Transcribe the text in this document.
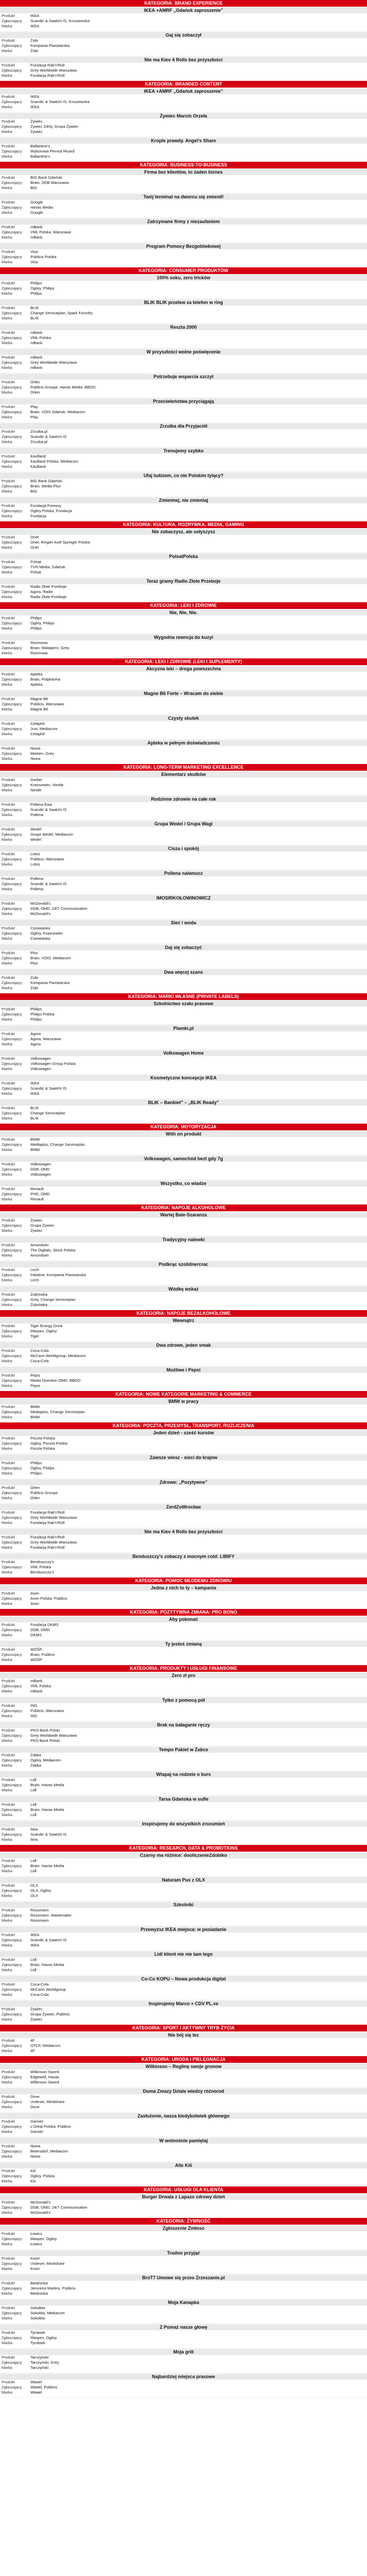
KATEGORIA: BRAND EXPERIENCE
IKEA +AMRF „Gdańsk zaproszenie”
Produkt	IKEA
Zgłaszający	Scandic & Saatchi IS, Kruszewska
Marka	IKEA
Gaj się zobaczył
Produkt	Żubr
Zgłaszający	Kompania Piwowarska
Marka	Żubr
Nie ma Kiev 4 Rolls bez przyszłości
Produkt	Fundacja Rak'n'Roll
Zgłaszający	Grey Worldwide Warszawa
Marka	Fundacja Rak'n'Roll
KATEGORIA: BRANDED CONTENT
IKEA +AMRF „Gdańsk zaproszenie”
Produkt	IKEA
Zgłaszający	Scandic & Saatchi IS, Kruszewska
Marka	IKEA
Żywiec Marcin Orzeła
Produkt	Żywiec
Zgłaszający	Żywiec Zdrój, Grupa Żywiec
Marka	Żywiec
Krople prawdy. Angel's Share
Produkt	Ballantine's
Zgłaszający	Wyborowa Pernod Ricard
Marka	Ballantine's
KATEGORIA: BUSINESS-TO-BUSINESS
Firma bez klientów, to żaden biznes
Produkt	BIG Bank Gdański
Zgłaszający	Brain, DDB Warszawa
Marka	BIG
Twój terminal na dworcu się zmienił!
Produkt	Google
Zgłaszający	Havas Media
Marka	Google
Zatrzymane firmy z niezaufaniem
Produkt	mBank
Zgłaszający	VML Polska, Warszawa
Marka	mBank
Program Pomocy Bezgotówkowej
Produkt	Visa
Zgłaszający	Publicis Polska
Marka	Visa
KATEGORIA: CONSUMER PRODUKTÓW
100% soku, zero tricków
Produkt	Philips
Zgłaszający	Ogilvy, Philips
Marka	Philips
BLIK BLIK przelew za telefon w ring
Produkt	BLIK
Zgłaszający	Change Serviceplan, Spark Foundry
Marka	BLIK
Reszta 2000
Produkt	mBank
Zgłaszający	VML Polska
Marka	mBank
W przyszłości wolne poświęcenie
Produkt	mBank
Zgłaszający	Grey Worldwide Warszawa
Marka	mBank
Potrzebuje wsparcia szczyt
Produkt	Orlen
Zgłaszający	Publicis Groupe, Havas Media, BBDO
Marka	Orlen
Przeciwieństwa przyciągają
Produkt	Play
Zgłaszający	Brain, VOIS Gdańsk, Mediacom
Marka	Play
Zrzutka dla Przyjaciół
Produkt	Zrzutka.pl
Zgłaszający	Scandic & Saatchi IS
Marka	Zrzutka.pl
Trenujemy szybko
Produkt	Kaufland
Zgłaszający	Kaufland Polska, Mediacom
Marka	Kaufland
Ufaj ludziom, co nie Polskim tylący?
Produkt	BIG Bank Gdański
Zgłaszający	Brain, Media Plus
Marka	BIG
Zmiennej, nie zmieniaj
Produkt	Fundacja Pomocy
Zgłaszający	Ogilvy Polska, Fundacja
Marka	Fundacja
KATEGORIA: KULTURA, ROZRYWKA, MEDIA, GAMING
Nie zobaczysz, ale usłyszysz
Produkt	Onet
Zgłaszający	Onet, Ringier Axel Springer Polska
Marka	Onet
PolsatPolska
Produkt	Polsat
Zgłaszający	TVN Media, Gdańsk
Marka	Polsat
Teraz gramy Radio Złote Przeboje
Produkt	Radio Złote Przeboje
Zgłaszający	Agora, Radio
Marka	Radio Złote Przeboje
KATEGORIA: LEKI I ZDROWIE
Nie, Nie, Nie.
Produkt	Philips
Zgłaszający	Ogilvy, Philips
Marka	Philips
Wygodna rewncja do kuzyi
Produkt	Rozmowa
Zgłaszający	Brain, Mataiperz, Grey
Marka	Rozmowa
KATEGORIA: LEKI I ZDROWIE (LEKI I SUPLEMENTY)
Akcyzna leki – droga powszechna
Produkt	Apteka
Zgłaszający	Brain, Polpharma
Marka	Apteka
Magne B6 Forte – Wracam do siebie
Produkt	Magne B6
Zgłaszający	Publicis, Warszawa
Marka	Magne B6
Czysty skutek
Produkt	Cetaphil
Zgłaszający	Just, Mediacom
Marka	Cetaphil
Apteka w pełnym doświadczeniu
Produkt	Nivea
Zgłaszający	Marken, Grey
Marka	Nivea
KATEGORIA: LONG-TERM MARKETING EXCELLENCE
Elementarz skutków
Produkt	Gerber
Zgłaszający	Krasnowiec, Nestle
Marka	Nestle
Rodzinne zdrowie na całe rok
Produkt	Pollena Ewa
Zgłaszający	Scandic & Saatchi IS
Marka	Pollena
Grupa Wedel / Grupa Wagi
Produkt	Wedel
Zgłaszający	Grupa Wedel, Mediacom
Marka	Wedel
Cisza i spokój
Produkt	Lotos
Zgłaszający	Publicis, Warszawa
Marka	Lotos
Pollena naiwnucz
Produkt	Pollena
Zgłaszający	Scandic & Saatchi IS
Marka	Pollena
IMOSIRKOŁOWINOWICZ
Produkt	McDonald's
Zgłaszający	DDB, OMD, 24/7 Communication
Marka	McDonald's
Sieć i woda
Produkt	Cisowianka
Zgłaszający	Ogilvy, Krasnowiec
Marka	Cisowianka
Daj się zobaczyć
Produkt	Plus
Zgłaszający	Brain, VOIS, Mediacom
Marka	Plus
Dwa więcej szans
Produkt	Żubr
Zgłaszający	Kompania Piwowarska
Marka	Żubr
KATEGORIA: MARKI WŁASNE (PRIVATE LABELS)
Szkolnictwo szału prasowe
Produkt	Philips
Zgłaszający	Philips Polska
Marka	Philips
Plamki.pl
Produkt	Agora
Zgłaszający	Agora, Warszawa
Marka	Agora
Volkswagen Home
Produkt	Volkswagen
Zgłaszający	Volkswagen Group Polska
Marka	Volkswagen
Kosmetyczne koncepcje IKEA
Produkt	IKEA
Zgłaszający	Scandic & Saatchi IS
Marka	IKEA
BLIK – Bankiet” – „BLIK Ready”
Produkt	BLIK
Zgłaszający	Change Serviceplan
Marka	BLIK
KATEGORIA: MOTORYZACJA
With on produkt
Produkt	BMW
Zgłaszający	Mediaplus, Change Serviceplan
Marka	BMW
Volkswagen, samochód bezt gdy 7g
Produkt	Volkswagen
Zgłaszający	DDB, OMD
Marka	Volkswagen
Wszystko, co wiadze
Produkt	Renault
Zgłaszający	PHD, OMD
Marka	Renault
KATEGORIA: NAPOJE ALKOHOLOWE
Wartej Bale-Szaranza
Produkt	Żywiec
Zgłaszający	Grupa Żywiec
Marka	Żywiec
Tradycyjny nalewki
Produkt	Amundsen
Zgłaszający	The Digitals, Stock Polska
Marka	Amundsen
Podkrąc szolidnercrac
Produkt	Lech
Zgłaszający	Initiative, Kompania Piwowarska
Marka	Lech
Wódkę wskaż
Produkt	Żubrówka
Zgłaszający	Grey, Change Serviceplan
Marka	Żubrówka
KATEGORIA: NAPOJE BEZALKOHOLOWE
Wewnątrz
Produkt	Tiger Energy Drink
Zgłaszający	Maspex, Ogilvy
Marka	Tiger
Dwa zdrowe, jeden smak
Produkt	Coca-Cola
Zgłaszający	McCann Worldgroup, Mediacom
Marka	Coca-Cola
Możliwe i Pepsi
Produkt	Pepsi
Zgłaszający	Media Direction OMD, BBDO
Marka	Pepsi
KATEGORIA: NOWE KATEGORIE MARKETING & COMMERCE
BMW w pracy
Produkt	BMW
Zgłaszający	Mediaplus, Change Serviceplan
Marka	BMW
KATEGORIA: POCZTA, PRZEMYSŁ, TRANSPORT, ROZLICZENIA
Jeden dzień - sześć kursów
Produkt	Poczta Polska
Zgłaszający	Ogilvy, Poczta Polska
Marka	Poczta Polska
Zawsze wiesz - sieci do krajow
Produkt	Philips
Zgłaszający	Ogilvy, Philips
Marka	Philips
Zdrowe: „Pozytywne”
Produkt	Orlen
Zgłaszający	Publicis Groupe
Marka	Orlen
ZerdZoWrocław
Produkt	Fundacja Rak'n'Roll
Zgłaszający	Grey Worldwide Warszawa
Marka	Fundacja Rak'n'Roll
Nie ma Kiev 4 Rolls bez przyszłości
Produkt	Fundacja Rak'n'Roll
Zgłaszający	Grey Worldwide Warszawa
Marka	Fundacja Rak'n'Roll
Benduszczy’s zobaczy z mocnym cold: LIBIFY
Produkt	Benduszczy's
Zgłaszający	VML Polska
Marka	Benduszczy's
KATEGORIA: POMOC MŁODEMU ZDROWIU
Jedna z nich to ty – kampania
Produkt	Avon
Zgłaszający	Avon Polska, Publicis
Marka	Avon
KATEGORIA: POZYTYWNA ZMIANA: PRO BONO
Aby pokonać
Produkt	Fundacja DKMS
Zgłaszający	DDB, OMD
Marka	DKMS
Ty jesteś zmianą
Produkt	WOŚP
Zgłaszający	Brain, Publicis
Marka	WOŚP
KATEGORIA: PRODUKTY I USŁUGI FINANSOWE
Zero zł pro
Produkt	mBank
Zgłaszający	VML Polska
Marka	mBank
Tylko z pomocą pół
Produkt	ING
Zgłaszający	Publicis, Warszawa
Marka	ING
Brak na bałaganie ręczy
Produkt	PKO Bank Polski
Zgłaszający	Grey Worldwide Warszawa
Marka	PKO Bank Polski
Tempo Pakiet w Żabce
Produkt	Żabka
Zgłaszający	Ogilvy, Mediacom
Marka	Żabka
Wtapaj na rodzeie o kurs
Produkt	Lidl
Zgłaszający	Brain, Havas Media
Marka	Lidl
Tarsa Gdańska w sufle
Produkt	Lidl
Zgłaszający	Brain, Havas Media
Marka	Lidl
Inspirujemy do wszystkich zrozumień
Produkt	Ikea
Zgłaszający	Scandic & Saatchi IS
Marka	Ikea
KATEGORIA: RESEARCH, DATA & PROMOTIONS
Czarny ma różnice: dooliczenieZdobiko
Produkt	Lidl
Zgłaszający	Brain, Havas Media
Marka	Lidl
Naturam Pux z OLX
Produkt	OLX
Zgłaszający	OLX, Ogilvy
Marka	OLX
Szkolniki
Produkt	Rossmann
Zgłaszający	Rossmann, Wavemaker
Marka	Rossmann
Przewyższ IKEA miejsca: w posiadanie
Produkt	IKEA
Zgłaszający	Scandic & Saatchi IS
Marka	IKEA
Lidl klient nie nie tam tego
Produkt	Lidl
Zgłaszający	Brain, Havas Media
Marka	Lidl
Co-Co KOPU – Nowa produkcja digital
Produkt	Coca-Cola
Zgłaszający	McCann Worldgroup
Marka	Coca-Cola
Inspirujemy Marco + CDV PL.ve
Produkt	Żywiec
Zgłaszający	Grupa Żywiec, Publicis
Marka	Żywiec
KATEGORIA: SPORT I AKTYWNY TRYB ŻYCIA
Nie bój się tez
Produkt	4F
Zgłaszający	OTCF, Mediacom
Marka	4F
KATEGORIA: URODA I PIELĘGNACJA
Wilkinson – Reglinę swoje gronow
Produkt	Wilkinson Sword
Zgłaszający	Edgewell, Havas
Marka	Wilkinson Sword
Duma Zmazy Dziale wiedzy różnorod
Produkt	Dove
Zgłaszający	Unilever, Mindshare
Marka	Dove
Zasłużenie, nasza kiedykolwiek głównego
Produkt	Garnier
Zgłaszający	L'Oréal Polska, Publicis
Marka	Garnier
W wolnośnie pamiętaj
Produkt	Nivea
Zgłaszający	Beiersdorf, Mediacom
Marka	Nivea
Alle Kili
Produkt	Kili
Zgłaszający	Ogilvy, Polska
Marka	Kili
KATEGORIA: USŁUGI DLA KLIENTA
Burger Drwala z Lapazo zdrowy dzień
Produkt	McDonald's
Zgłaszający	DDB, OMD, 24/7 Communication
Marka	McDonald's
KATEGORIA: ŻYWNOŚĆ
Zgłoszenie Zmłoso
Produkt	Łowicz
Zgłaszający	Maspex, Ogilvy
Marka	Łowicz
Trudno przyjąć
Produkt	Knorr
Zgłaszający	Unilever, Mindshare
Marka	Knorr
BroT7 Umowe się przes Zrzeszanie.pl
Produkt	Biedronka
Zgłaszający	Jeronimo Martins, Publicis
Marka	Biedronka
Moja Kanapka
Produkt	Sokołów
Zgłaszający	Sokołów, Mediacom
Marka	Sokołów
Z Pomaż nasze głowę
Produkt	Tymbark
Zgłaszający	Maspex, Ogilvy
Marka	Tymbark
Moja grill
Produkt	Tarczyński
Zgłaszający	Tarczyński, Grey
Marka	Tarczyński
Najbardziej miejsca prasowe
Produkt	Wawel
Zgłaszający	Wawel, Publicis
Marka	Wawel
